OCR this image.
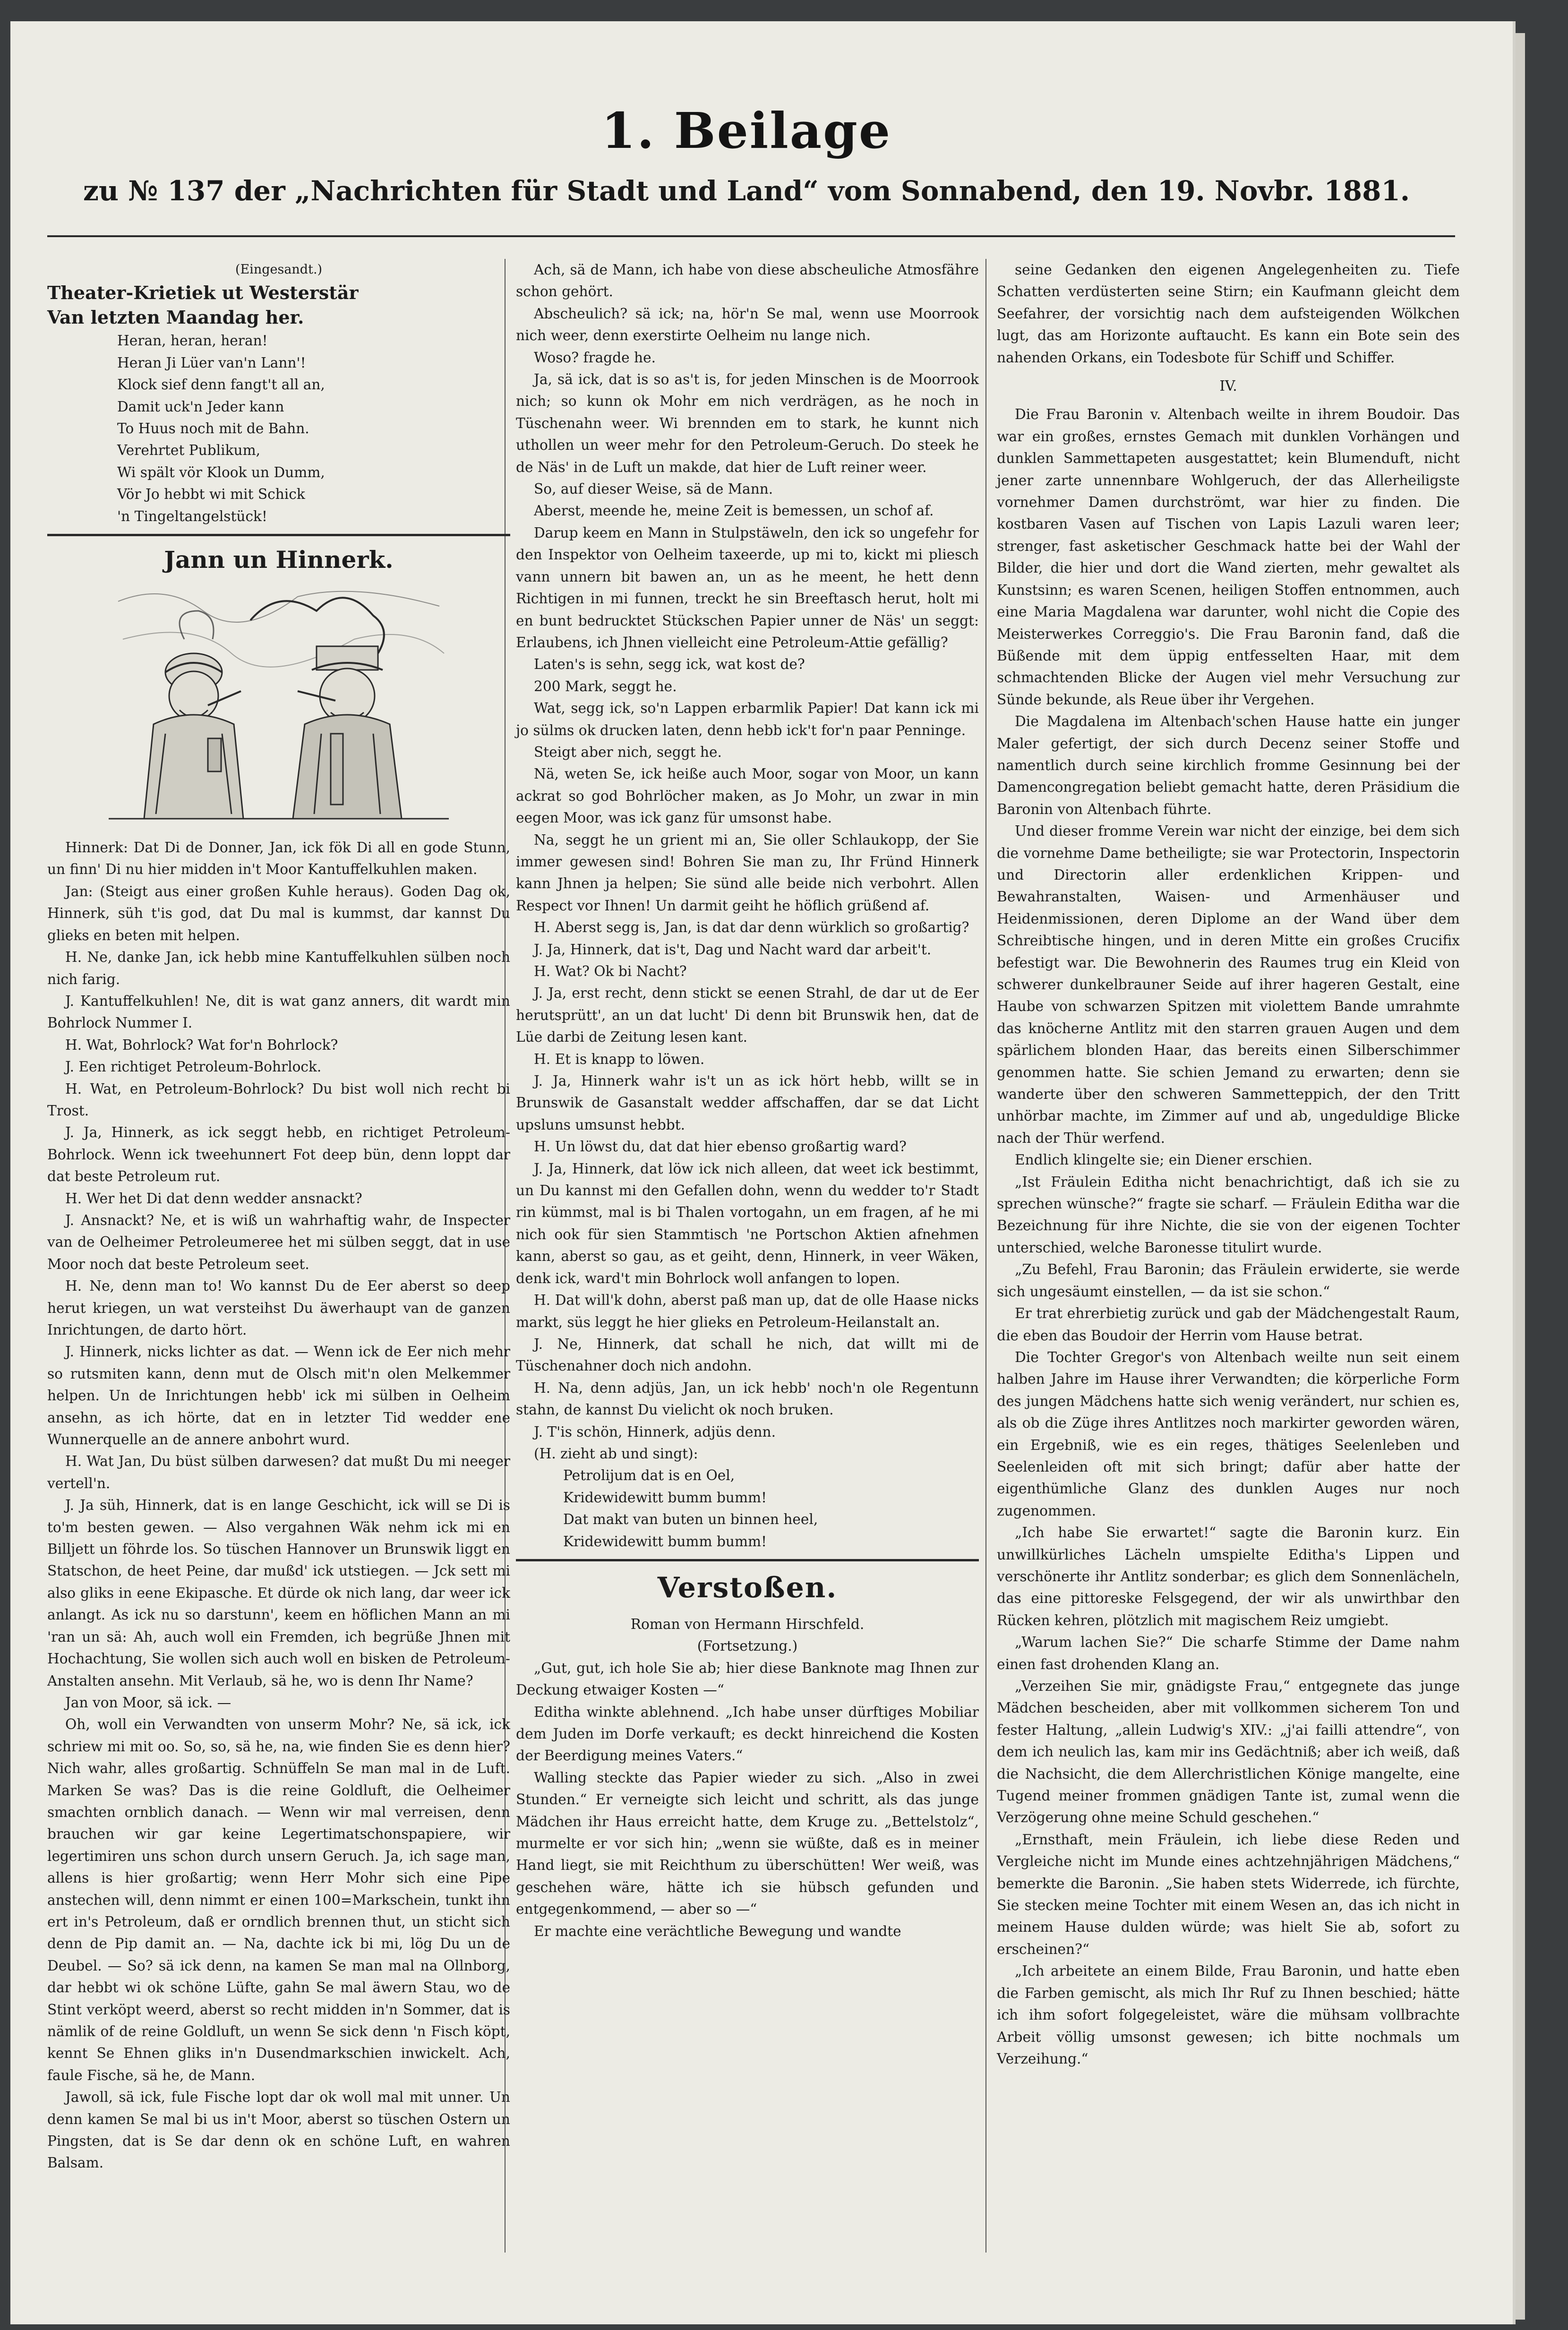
1. Beilage
zu № 137 der „Nachrichten für Stadt und Land“ vom Sonnabend, den 19. Novbr. 1881.

(Eingesandt.)

Theater-Krietiek ut Westerstär

Van letzten Maandag her.

Heran, heran, heran!

Heran Ji Lüer van'n Lann'!

Klock sief denn fangt't all an,

Damit uck'n Jeder kann

To Huus noch mit de Bahn.

Verehrtet Publikum,

Wi spält vör Klook un Dumm,

Vör Jo hebbt wi mit Schick

'n Tingeltangelstück!

Jann un Hinnerk.

Hinnerk: Dat Di de Donner, Jan, ick fök Di all en gode Stunn, un finn' Di nu hier midden in't Moor Kantuffelkuhlen maken.

Jan: (Steigt aus einer großen Kuhle heraus). Goden Dag ok, Hinnerk, süh t'is god, dat Du mal is kummst, dar kannst Du glieks en beten mit helpen.

H. Ne, danke Jan, ick hebb mine Kantuffelkuhlen sülben noch nich farig.

J. Kantuffelkuhlen! Ne, dit is wat ganz anners, dit wardt min Bohrlock Nummer I.

H. Wat, Bohrlock? Wat for'n Bohrlock?

J. Een richtiget Petroleum-Bohrlock.

H. Wat, en Petroleum-Bohrlock? Du bist woll nich recht bi Trost.

J. Ja, Hinnerk, as ick seggt hebb, en richtiget Petroleum-Bohrlock. Wenn ick tweehunnert Fot deep bün, denn loppt dar dat beste Petroleum rut.

H. Wer het Di dat denn wedder ansnackt?

J. Ansnackt? Ne, et is wiß un wahrhaftig wahr, de Inspecter van de Oelheimer Petroleumeree het mi sülben seggt, dat in use Moor noch dat beste Petroleum seet.

H. Ne, denn man to! Wo kannst Du de Eer aberst so deep herut kriegen, un wat versteihst Du äwerhaupt van de ganzen Inrichtungen, de darto hört.

J. Hinnerk, nicks lichter as dat. — Wenn ick de Eer nich mehr so rutsmiten kann, denn mut de Olsch mit'n olen Melkemmer helpen. Un de Inrichtungen hebb' ick mi sülben in Oelheim ansehn, as ich hörte, dat en in letzter Tid wedder ene Wunnerquelle an de annere anbohrt wurd.

H. Wat Jan, Du büst sülben darwesen? dat mußt Du mi neeger vertell'n.

J. Ja süh, Hinnerk, dat is en lange Geschicht, ick will se Di is to'm besten gewen. — Also vergahnen Wäk nehm ick mi en Billjett un föhrde los. So tüschen Hannover un Brunswik liggt en Statschon, de heet Peine, dar mußd' ick utstiegen. — Jck sett mi also gliks in eene Ekipasche. Et dürde ok nich lang, dar weer ick anlangt. As ick nu so darstunn', keem en höflichen Mann an mi 'ran un sä: Ah, auch woll ein Fremden, ich begrüße Jhnen mit Hochachtung, Sie wollen sich auch woll en bisken de Petroleum-Anstalten ansehn. Mit Verlaub, sä he, wo is denn Ihr Name?

Jan von Moor, sä ick. —

Oh, woll ein Verwandten von unserm Mohr? Ne, sä ick, ick schriew mi mit oo. So, so, sä he, na, wie finden Sie es denn hier? Nich wahr, alles großartig. Schnüffeln Se man mal in de Luft. Marken Se was? Das is die reine Goldluft, die Oelheimer smachten ornblich danach. — Wenn wir mal verreisen, denn brauchen wir gar keine Legertimatschonspapiere, wir legertimiren uns schon durch unsern Geruch. Ja, ich sage man, allens is hier großartig; wenn Herr Mohr sich eine Pipe anstechen will, denn nimmt er einen 100=Markschein, tunkt ihn ert in's Petroleum, daß er orndlich brennen thut, un sticht sich denn de Pip damit an. — Na, dachte ick bi mi, lög Du un de Deubel. — So? sä ick denn, na kamen Se man mal na Ollnborg, dar hebbt wi ok schöne Lüfte, gahn Se mal äwern Stau, wo de Stint verköpt weerd, aberst so recht midden in'n Sommer, dat is nämlik of de reine Goldluft, un wenn Se sick denn 'n Fisch köpt, kennt Se Ehnen gliks in'n Dusendmarkschien inwickelt. Ach, faule Fische, sä he, de Mann.

Jawoll, sä ick, fule Fische lopt dar ok woll mal mit unner. Un denn kamen Se mal bi us in't Moor, aberst so tüschen Ostern un Pingsten, dat is Se dar denn ok en schöne Luft, en wahren Balsam.

Ach, sä de Mann, ich habe von diese abscheuliche Atmosfähre schon gehört.

Abscheulich? sä ick; na, hör'n Se mal, wenn use Moorrook nich weer, denn exerstirte Oelheim nu lange nich.

Woso? fragde he.

Ja, sä ick, dat is so as't is, for jeden Minschen is de Moorrook nich; so kunn ok Mohr em nich verdrägen, as he noch in Tüschenahn weer. Wi brennden em to stark, he kunnt nich uthollen un weer mehr for den Petroleum-Geruch. Do steek he de Näs' in de Luft un makde, dat hier de Luft reiner weer.

So, auf dieser Weise, sä de Mann.

Aberst, meende he, meine Zeit is bemessen, un schof af.

Darup keem en Mann in Stulpstäweln, den ick so ungefehr for den Inspektor von Oelheim taxeerde, up mi to, kickt mi pliesch vann unnern bit bawen an, un as he meent, he hett denn Richtigen in mi funnen, treckt he sin Breeftasch herut, holt mi en bunt bedrucktet Stückschen Papier unner de Näs' un seggt: Erlaubens, ich Jhnen vielleicht eine Petroleum-Attie gefällig?

Laten's is sehn, segg ick, wat kost de?

200 Mark, seggt he.

Wat, segg ick, so'n Lappen erbarmlik Papier! Dat kann ick mi jo sülms ok drucken laten, denn hebb ick't for'n paar Penninge.

Steigt aber nich, seggt he.

Nä, weten Se, ick heiße auch Moor, sogar von Moor, un kann ackrat so god Bohrlöcher maken, as Jo Mohr, un zwar in min eegen Moor, was ick ganz für umsonst habe.

Na, seggt he un grient mi an, Sie oller Schlaukopp, der Sie immer gewesen sind! Bohren Sie man zu, Ihr Fründ Hinnerk kann Jhnen ja helpen; Sie sünd alle beide nich verbohrt. Allen Respect vor Ihnen! Un darmit geiht he höflich grüßend af.

H. Aberst segg is, Jan, is dat dar denn würklich so großartig?

J. Ja, Hinnerk, dat is't, Dag und Nacht ward dar arbeit't.

H. Wat? Ok bi Nacht?

J. Ja, erst recht, denn stickt se eenen Strahl, de dar ut de Eer herutsprütt', an un dat lucht' Di denn bit Brunswik hen, dat de Lüe darbi de Zeitung lesen kant.

H. Et is knapp to löwen.

J. Ja, Hinnerk wahr is't un as ick hört hebb, willt se in Brunswik de Gasanstalt wedder affschaffen, dar se dat Licht upsluns umsunst hebbt.

H. Un löwst du, dat dat hier ebenso großartig ward?

J. Ja, Hinnerk, dat löw ick nich alleen, dat weet ick bestimmt, un Du kannst mi den Gefallen dohn, wenn du wedder to'r Stadt rin kümmst, mal is bi Thalen vortogahn, un em fragen, af he mi nich ook für sien Stammtisch 'ne Portschon Aktien afnehmen kann, aberst so gau, as et geiht, denn, Hinnerk, in veer Wäken, denk ick, ward't min Bohrlock woll anfangen to lopen.

H. Dat will'k dohn, aberst paß man up, dat de olle Haase nicks markt, süs leggt he hier glieks en Petroleum-Heilanstalt an.

J. Ne, Hinnerk, dat schall he nich, dat willt mi de Tüschenahner doch nich andohn.

H. Na, denn adjüs, Jan, un ick hebb' noch'n ole Regentunn stahn, de kannst Du vielicht ok noch bruken.

J. T'is schön, Hinnerk, adjüs denn.

(H. zieht ab und singt):

Petrolijum dat is en Oel,

Kridewidewitt bumm bumm!

Dat makt van buten un binnen heel,

Kridewidewitt bumm bumm!

Verstoßen.

Roman von Hermann Hirschfeld.

(Fortsetzung.)

„Gut, gut, ich hole Sie ab; hier diese Banknote mag Ihnen zur Deckung etwaiger Kosten —“

Editha winkte ablehnend. „Ich habe unser dürftiges Mobiliar dem Juden im Dorfe verkauft; es deckt hinreichend die Kosten der Beerdigung meines Vaters.“

Walling steckte das Papier wieder zu sich. „Also in zwei Stunden.“ Er verneigte sich leicht und schritt, als das junge Mädchen ihr Haus erreicht hatte, dem Kruge zu. „Bettelstolz“, murmelte er vor sich hin; „wenn sie wüßte, daß es in meiner Hand liegt, sie mit Reichthum zu überschütten! Wer weiß, was geschehen wäre, hätte ich sie hübsch gefunden und entgegenkommend, — aber so —“

Er machte eine verächtliche Bewegung und wandte

seine Gedanken den eigenen Angelegenheiten zu. Tiefe Schatten verdüsterten seine Stirn; ein Kaufmann gleicht dem Seefahrer, der vorsichtig nach dem aufsteigenden Wölkchen lugt, das am Horizonte auftaucht. Es kann ein Bote sein des nahenden Orkans, ein Todesbote für Schiff und Schiffer.

IV.

Die Frau Baronin v. Altenbach weilte in ihrem Boudoir. Das war ein großes, ernstes Gemach mit dunklen Vorhängen und dunklen Sammettapeten ausgestattet; kein Blumenduft, nicht jener zarte unnennbare Wohlgeruch, der das Allerheiligste vornehmer Damen durchströmt, war hier zu finden. Die kostbaren Vasen auf Tischen von Lapis Lazuli waren leer; strenger, fast asketischer Geschmack hatte bei der Wahl der Bilder, die hier und dort die Wand zierten, mehr gewaltet als Kunstsinn; es waren Scenen, heiligen Stoffen entnommen, auch eine Maria Magdalena war darunter, wohl nicht die Copie des Meisterwerkes Correggio's. Die Frau Baronin fand, daß die Büßende mit dem üppig entfesselten Haar, mit dem schmachtenden Blicke der Augen viel mehr Versuchung zur Sünde bekunde, als Reue über ihr Vergehen.

Die Magdalena im Altenbach'schen Hause hatte ein junger Maler gefertigt, der sich durch Decenz seiner Stoffe und namentlich durch seine kirchlich fromme Gesinnung bei der Damencongregation beliebt gemacht hatte, deren Präsidium die Baronin von Altenbach führte.

Und dieser fromme Verein war nicht der einzige, bei dem sich die vornehme Dame betheiligte; sie war Protectorin, Inspectorin und Directorin aller erdenklichen Krippen- und Bewahranstalten, Waisen- und Armenhäuser und Heidenmissionen, deren Diplome an der Wand über dem Schreibtische hingen, und in deren Mitte ein großes Crucifix befestigt war. Die Bewohnerin des Raumes trug ein Kleid von schwerer dunkelbrauner Seide auf ihrer hageren Gestalt, eine Haube von schwarzen Spitzen mit violettem Bande umrahmte das knöcherne Antlitz mit den starren grauen Augen und dem spärlichem blonden Haar, das bereits einen Silberschimmer genommen hatte. Sie schien Jemand zu erwarten; denn sie wanderte über den schweren Sammetteppich, der den Tritt unhörbar machte, im Zimmer auf und ab, ungeduldige Blicke nach der Thür werfend.

Endlich klingelte sie; ein Diener erschien.

„Ist Fräulein Editha nicht benachrichtigt, daß ich sie zu sprechen wünsche?“ fragte sie scharf. — Fräulein Editha war die Bezeichnung für ihre Nichte, die sie von der eigenen Tochter unterschied, welche Baronesse titulirt wurde.

„Zu Befehl, Frau Baronin; das Fräulein erwiderte, sie werde sich ungesäumt einstellen, — da ist sie schon.“

Er trat ehrerbietig zurück und gab der Mädchengestalt Raum, die eben das Boudoir der Herrin vom Hause betrat.

Die Tochter Gregor's von Altenbach weilte nun seit einem halben Jahre im Hause ihrer Verwandten; die körperliche Form des jungen Mädchens hatte sich wenig verändert, nur schien es, als ob die Züge ihres Antlitzes noch markirter geworden wären, ein Ergebniß, wie es ein reges, thätiges Seelenleben und Seelenleiden oft mit sich bringt; dafür aber hatte der eigenthümliche Glanz des dunklen Auges nur noch zugenommen.

„Ich habe Sie erwartet!“ sagte die Baronin kurz. Ein unwillkürliches Lächeln umspielte Editha's Lippen und verschönerte ihr Antlitz sonderbar; es glich dem Sonnenlächeln, das eine pittoreske Felsgegend, der wir als unwirthbar den Rücken kehren, plötzlich mit magischem Reiz umgiebt.

„Warum lachen Sie?“ Die scharfe Stimme der Dame nahm einen fast drohenden Klang an.

„Verzeihen Sie mir, gnädigste Frau,“ entgegnete das junge Mädchen bescheiden, aber mit vollkommen sicherem Ton und fester Haltung, „allein Ludwig's XIV.: „j'ai failli attendre“, von dem ich neulich las, kam mir ins Gedächtniß; aber ich weiß, daß die Nachsicht, die dem Allerchristlichen Könige mangelte, eine Tugend meiner frommen gnädigen Tante ist, zumal wenn die Verzögerung ohne meine Schuld geschehen.“

„Ernsthaft, mein Fräulein, ich liebe diese Reden und Vergleiche nicht im Munde eines achtzehnjährigen Mädchens,“ bemerkte die Baronin. „Sie haben stets Widerrede, ich fürchte, Sie stecken meine Tochter mit einem Wesen an, das ich nicht in meinem Hause dulden würde; was hielt Sie ab, sofort zu erscheinen?“

„Ich arbeitete an einem Bilde, Frau Baronin, und hatte eben die Farben gemischt, als mich Ihr Ruf zu Ihnen beschied; hätte ich ihm sofort folgegeleistet, wäre die mühsam vollbrachte Arbeit völlig umsonst gewesen; ich bitte nochmals um Verzeihung.“
